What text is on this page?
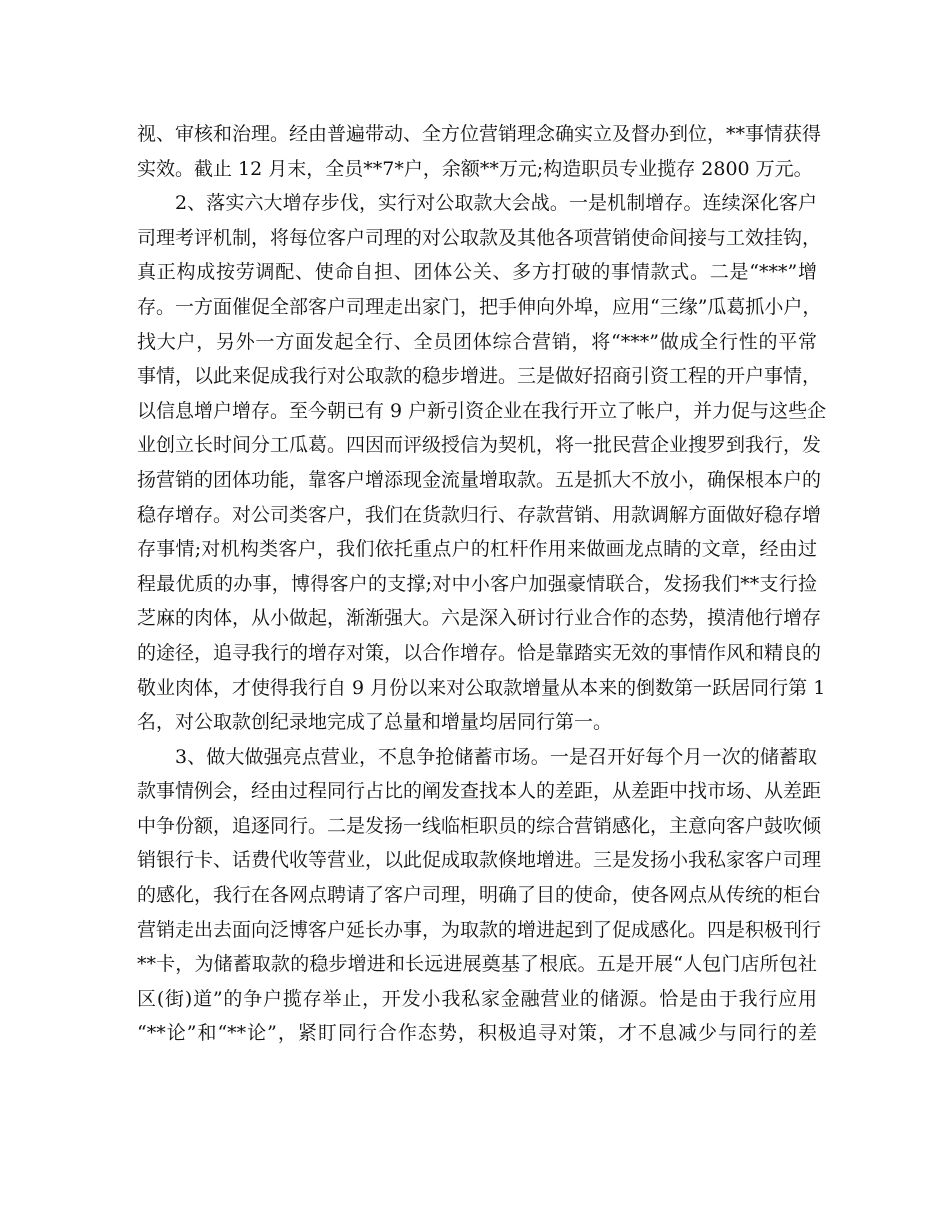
视、审核和治理。经由普遍带动、全方位营销理念确实立及督办到位，**事情获得
实效。截止 12 月末，全员**7*户，余额**万元;构造职员专业揽存 2800 万元。
2、落实六大增存步伐，实行对公取款大会战。一是机制增存。连续深化客户
司理考评机制，将每位客户司理的对公取款及其他各项营销使命间接与工效挂钩，
真正构成按劳调配、使命自担、团体公关、多方打破的事情款式。二是“***”增
存。一方面催促全部客户司理走出家门，把手伸向外埠，应用“三缘”瓜葛抓小户，
找大户，另外一方面发起全行、全员团体综合营销，将“***”做成全行性的平常
事情，以此来促成我行对公取款的稳步增进。三是做好招商引资工程的开户事情，
以信息增户增存。至今朝已有 9 户新引资企业在我行开立了帐户，并力促与这些企
业创立长时间分工瓜葛。四因而评级授信为契机，将一批民营企业搜罗到我行，发
扬营销的团体功能，靠客户增添现金流量增取款。五是抓大不放小，确保根本户的
稳存增存。对公司类客户，我们在货款归行、存款营销、用款调解方面做好稳存增
存事情;对机构类客户，我们依托重点户的杠杆作用来做画龙点睛的文章，经由过
程最优质的办事，博得客户的支撑;对中小客户加强豪情联合，发扬我们**支行捡
芝麻的肉体，从小做起，渐渐强大。六是深入研讨行业合作的态势，摸清他行增存
的途径，追寻我行的增存对策，以合作增存。恰是靠踏实无效的事情作风和精良的
敬业肉体，才使得我行自 9 月份以来对公取款增量从本来的倒数第一跃居同行第 1
名，对公取款创纪录地完成了总量和增量均居同行第一。
3、做大做强亮点营业，不息争抢储蓄市场。一是召开好每个月一次的储蓄取
款事情例会，经由过程同行占比的阐发查找本人的差距，从差距中找市场、从差距
中争份额，追逐同行。二是发扬一线临柜职员的综合营销感化，主意向客户鼓吹倾
销银行卡、话费代收等营业，以此促成取款倏地增进。三是发扬小我私家客户司理
的感化，我行在各网点聘请了客户司理，明确了目的使命，使各网点从传统的柜台
营销走出去面向泛博客户延长办事，为取款的增进起到了促成感化。四是积极刊行
**卡，为储蓄取款的稳步增进和长远进展奠基了根底。五是开展“人包门店所包社
区(街)道”的争户揽存举止，开发小我私家金融营业的储源。恰是由于我行应用
“**论”和“**论”，紧盯同行合作态势，积极追寻对策，才不息减少与同行的差
